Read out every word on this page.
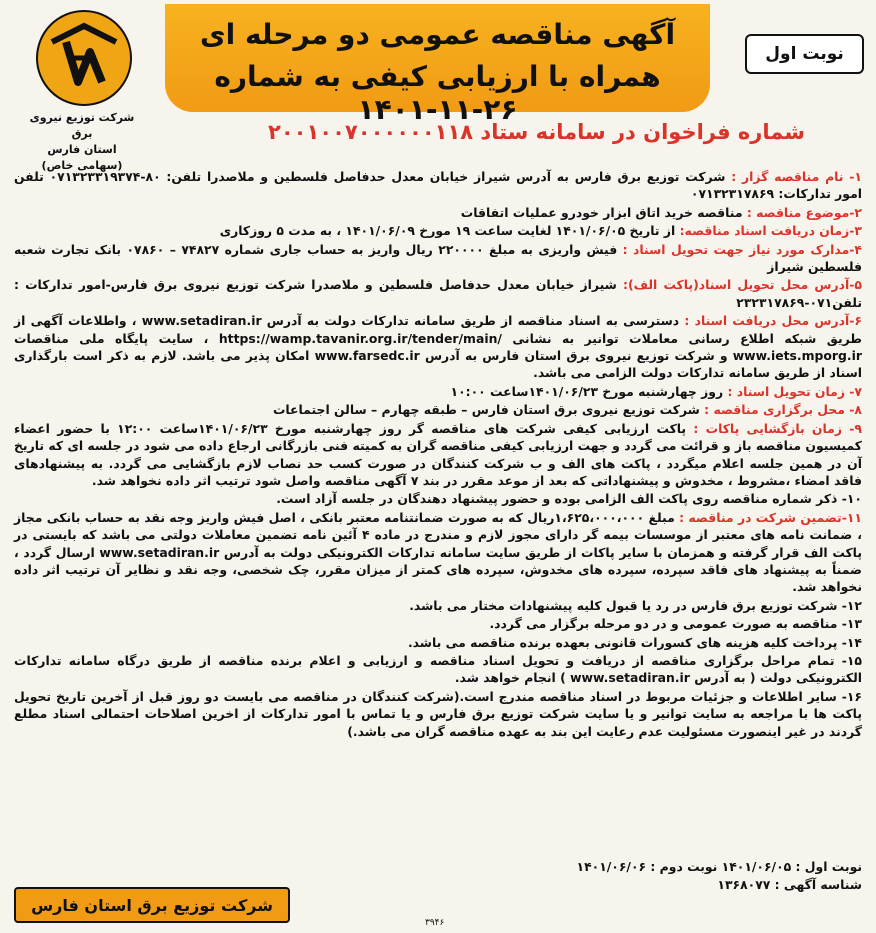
شرکت توزیع نیروی برق
استان فارس
(سهامی خاص)
آگهی مناقصه عمومی دو مرحله ای
همراه با ارزیابی کیفی به شماره ۲۶-۱۱-۱۴۰۱
نوبت اول
شماره فراخوان در سامانه ستاد ۲۰۰۱۰۰۷۰۰۰۰۰۰۱۱۸
۱- نام مناقصه گزار : شرکت توزیع برق فارس به آدرس شیراز خیابان معدل حدفاصل فلسطین و ملاصدرا تلفن: ۸۰-۰۷۱۳۲۳۳۱۹۳۷۴ تلفن امور تدارکات: ۰۷۱۳۲۳۱۷۸۶۹
۲-موضوع مناقصه : مناقصه خرید اتاق ابزار خودرو عملیات اتفاقات
۳-زمان دریافت اسناد مناقصه: از تاریخ ۱۴۰۱/۰۶/۰۵ لغایت ساعت ۱۹ مورخ ۱۴۰۱/۰۶/۰۹ ، به مدت ۵ روزکاری
۴-مدارک مورد نیاز جهت تحویل اسناد : فیش واریزی به مبلغ ۲۲۰۰۰۰ ریال واریز به حساب جاری شماره ۷۴۸۲۷ – ۰۷۸۶۰ بانک تجارت شعبه فلسطین شیراز
۵-آدرس محل تحویل اسناد(پاکت الف): شیراز خیابان معدل حدفاصل فلسطین و ملاصدرا شرکت توزیع نیروی برق فارس-امور تدارکات : تلفن۰۷۱-۲۳۲۳۱۷۸۶۹
۶-آدرس محل دریافت اسناد : دسترسی به اسناد مناقصه از طریق سامانه تدارکات دولت به آدرس www.setadiran.ir ، واطلاعات آگهی از طریق شبکه اطلاع رسانی معاملات توانیر به نشانی https://wamp.tavanir.org.ir/tender/main/ ، سایت پایگاه ملی مناقصات www.iets.mporg.ir و شرکت توزیع نیروی برق استان فارس به آدرس www.farsedc.ir امکان پذیر می باشد. لازم به ذکر است بارگذاری اسناد از طریق سامانه تدارکات دولت الزامی می باشد.
۷- زمان تحویل اسناد : روز چهارشنبه مورخ ۱۴۰۱/۰۶/۲۳ساعت ۱۰:۰۰
۸- محل برگزاری مناقصه : شرکت توزیع نیروی برق استان فارس – طبقه چهارم – سالن اجتماعات
۹- زمان بازگشایی پاکات : پاکت ارزیابی کیفی شرکت های مناقصه گر روز چهارشنبه مورخ ۱۴۰۱/۰۶/۲۳ساعت ۱۲:۰۰ با حضور اعضاء کمیسیون مناقصه باز و قرائت می گردد و جهت ارزیابی کیفی مناقصه گران به کمیته فنی بازرگانی ارجاع داده می شود در جلسه ای که تاریخ آن در همین جلسه اعلام میگردد ، پاکت های الف و ب شرکت کنندگان در صورت کسب حد نصاب لازم بازگشایی می گردد. به پیشنهادهای فاقد امضاء ،مشروط ، مخدوش و پیشنهاداتی که بعد از موعد مقرر در بند ۷ آگهی مناقصه واصل شود ترتیب اثر داده نخواهد شد.
۱۰- ذکر شماره مناقصه روی پاکت الف الزامی بوده و حضور پیشنهاد دهندگان در جلسه آزاد است.
۱۱-تضمین شرکت در مناقصه : مبلغ ۱،۶۲۵،۰۰۰،۰۰۰ریال که به صورت ضمانتنامه معتبر بانکی ، اصل فیش واریز وجه نقد به حساب بانکی مجاز ، ضمانت نامه های معتبر از موسسات بیمه گر دارای مجوز لازم و مندرج در ماده ۴ آئین نامه تضمین معاملات دولتی می باشد که بایستی در پاکت الف قرار گرفته و همزمان با سایر پاکات از طریق سایت سامانه تدارکات الکترونیکی دولت به آدرس www.setadiran.ir ارسال گردد ، ضمناً به پیشنهاد های فاقد سپرده، سپرده های مخدوش، سپرده های کمتر از میزان مقرر، چک شخصی، وجه نقد و نظایر آن ترتیب اثر داده نخواهد شد.
۱۲- شرکت توزیع برق فارس در رد یا قبول کلیه پیشنهادات مختار می باشد.
۱۳- مناقصه به صورت عمومی و در دو مرحله برگزار می گردد.
۱۴- پرداخت کلیه هزینه های کسورات قانونی بعهده برنده مناقصه می باشد.
۱۵- تمام مراحل برگزاری مناقصه از دریافت و تحویل اسناد مناقصه و ارزیابی و اعلام برنده مناقصه از طریق درگاه سامانه تدارکات الکترونیکی دولت ( به آدرس www.setadiran.ir ) انجام خواهد شد.
۱۶- سایر اطلاعات و جزئیات مربوط در اسناد مناقصه مندرج است.(شرکت کنندگان در مناقصه می بایست دو روز قبل از آخرین تاریخ تحویل پاکت ها با مراجعه به سایت توانیر و یا سایت شرکت توزیع برق فارس و یا تماس با امور تدارکات از اخرین اصلاحات احتمالی اسناد مطلع گردند در غیر اینصورت مسئولیت عدم رعایت این بند به عهده مناقصه گران می باشد.)
نوبت اول : ۱۴۰۱/۰۶/۰۵ نوبت دوم : ۱۴۰۱/۰۶/۰۶
شناسه آگهی : ۱۳۶۸۰۷۷
شرکت توزیع برق استان فارس
۳۹۴۶
